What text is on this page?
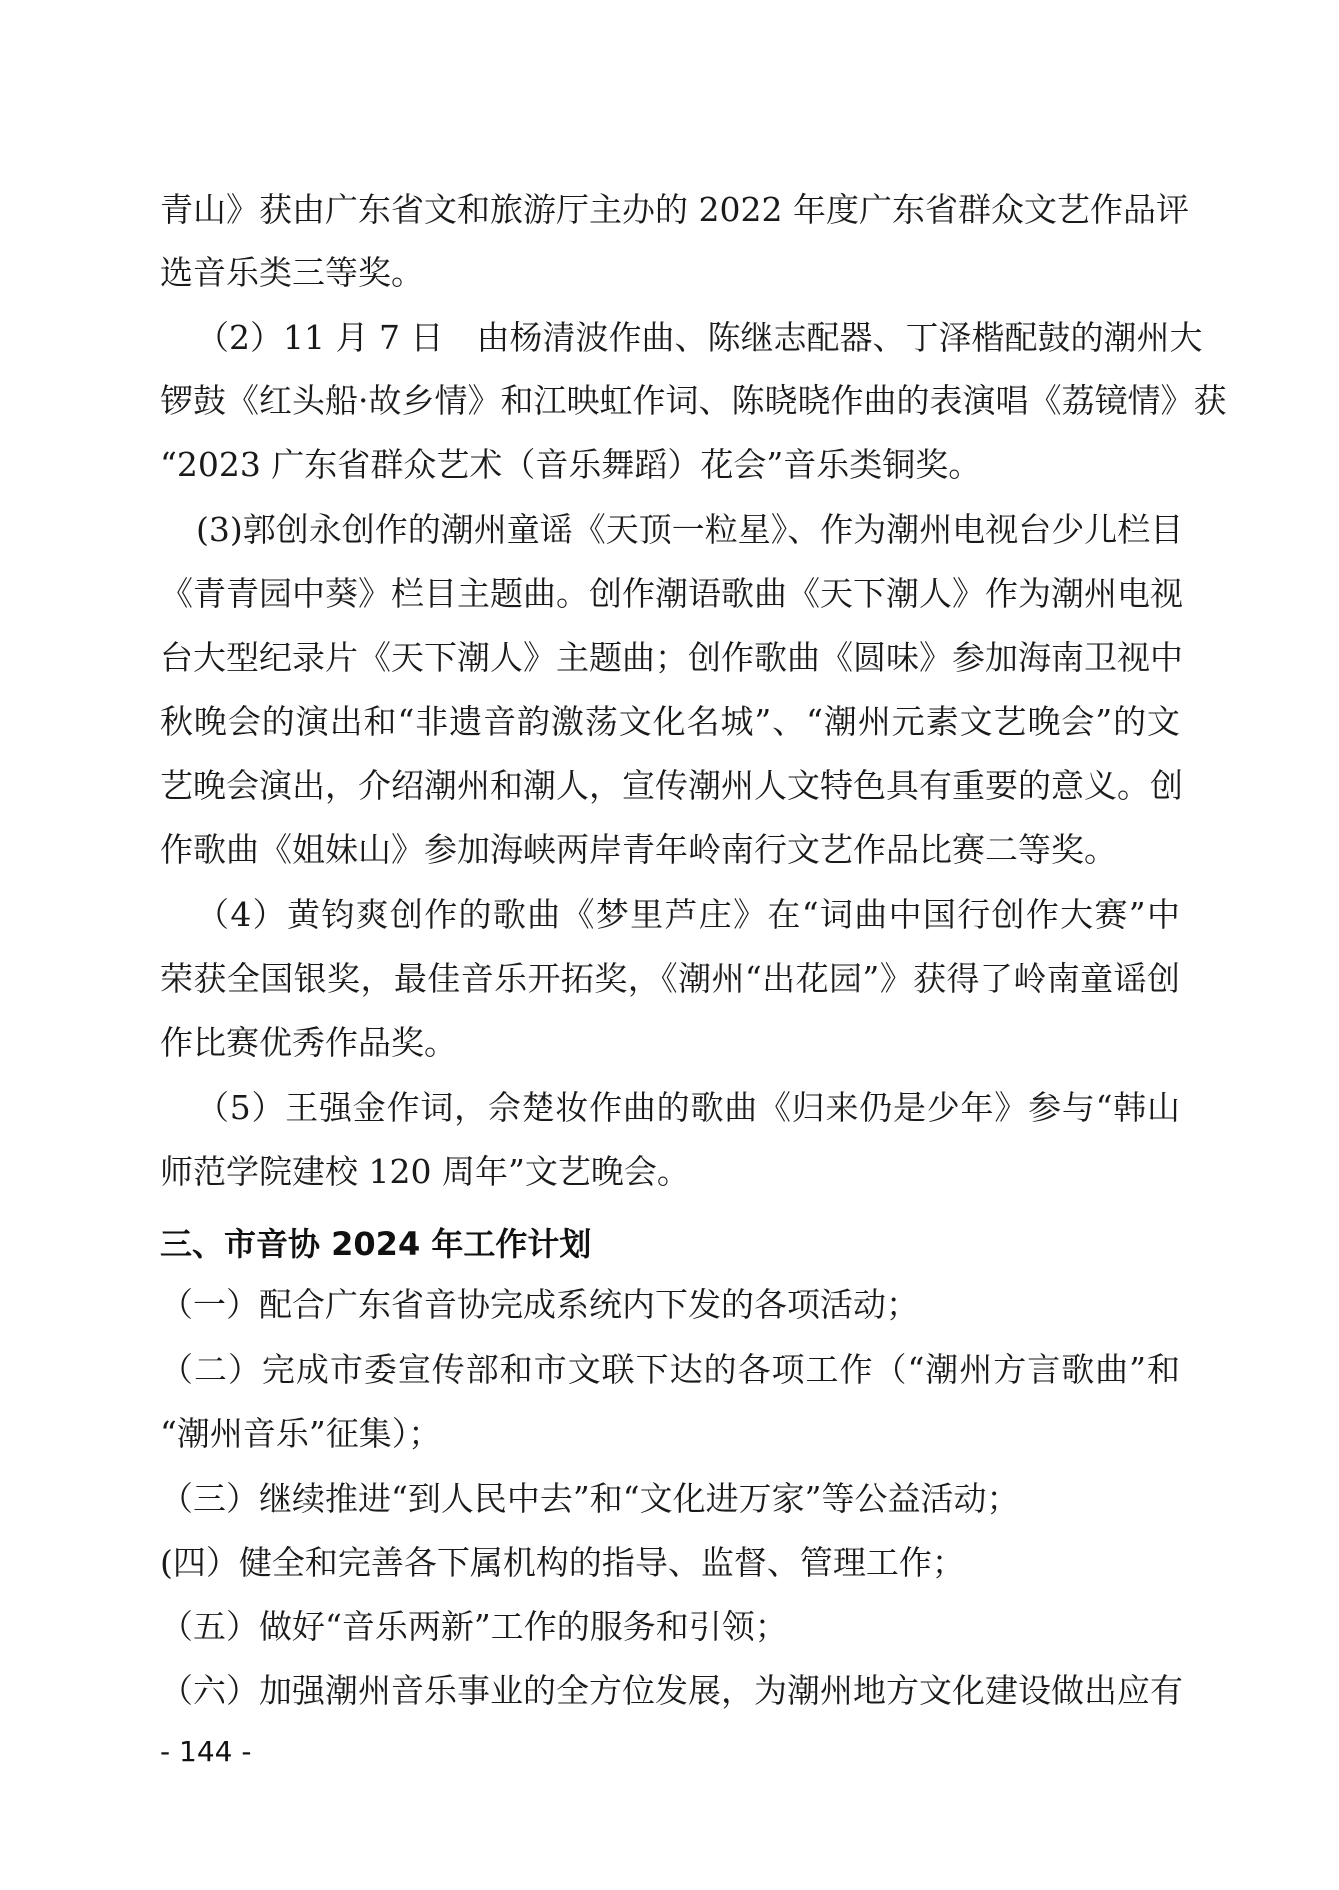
青山》获由广东省文和旅游厅主办的 2022 年度广东省群众文艺作品评
选音乐类三等奖。
（2）11 月 7 日　由杨清波作曲、陈继志配器、丁泽楷配鼓的潮州大
锣鼓《红头船·故乡情》和江映虹作词、陈晓晓作曲的表演唱《荔镜情》获
“2023 广东省群众艺术（音乐舞蹈）花会”音乐类铜奖。
(3)郭创永创作的潮州童谣《天顶一粒星》、作为潮州电视台少儿栏目
《青青园中葵》栏目主题曲。创作潮语歌曲《天下潮人》作为潮州电视
台大型纪录片《天下潮人》主题曲；创作歌曲《圆味》参加海南卫视中
秋晚会的演出和“非遗音韵激荡文化名城”、“潮州元素文艺晚会”的文
艺晚会演出，介绍潮州和潮人，宣传潮州人文特色具有重要的意义。创
作歌曲《姐妹山》参加海峡两岸青年岭南行文艺作品比赛二等奖。
（4）黄钧爽创作的歌曲《梦里芦庄》在“词曲中国行创作大赛”中
荣获全国银奖，最佳音乐开拓奖，《潮州“出花园”》获得了岭南童谣创
作比赛优秀作品奖。
（5）王强金作词，佘楚妆作曲的歌曲《归来仍是少年》参与“韩山
师范学院建校 120 周年”文艺晚会。
三、市音协 2024 年工作计划
（一）配合广东省音协完成系统内下发的各项活动；
（二）完成市委宣传部和市文联下达的各项工作（“潮州方言歌曲”和
“潮州音乐”征集）；
（三）继续推进“到人民中去”和“文化进万家”等公益活动；
(四）健全和完善各下属机构的指导、监督、管理工作；
（五）做好“音乐两新”工作的服务和引领；
（六）加强潮州音乐事业的全方位发展，为潮州地方文化建设做出应有
- 144 -
